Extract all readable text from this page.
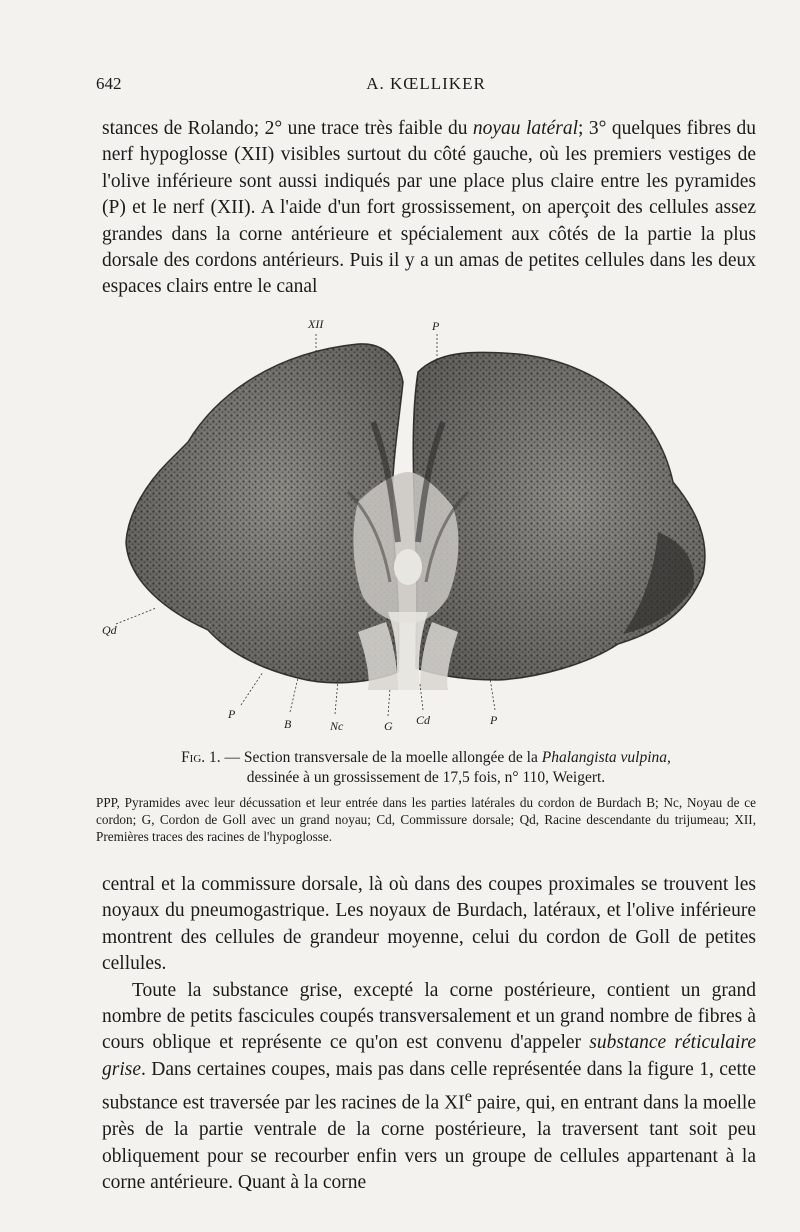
642	A. KŒLLIKER

stances de Rolando; 2° une trace très faible du noyau latéral; 3° quelques fibres du nerf hypoglosse (XII) visibles surtout du côté gauche, où les premiers vestiges de l'olive inférieure sont aussi indiqués par une place plus claire entre les pyramides (P) et le nerf (XII). A l'aide d'un fort grossissement, on aperçoit des cellules assez grandes dans la corne antérieure et spécialement aux côtés de la partie la plus dorsale des cordons antérieurs. Puis il y a un amas de petites cellules dans les deux espaces clairs entre le canal

XII	P
Qd
P
B	Nc	G Cd	P
Fig. 1. — Section transversale de la moelle allongée de la Phalangista vulpina,
dessinée à un grossissement de 17,5 fois, n° 110, Weigert.

PPP, Pyramides avec leur décussation et leur entrée dans les parties latérales du cordon de Burdach B; Nc, Noyau de ce cordon; G, Cordon de Goll avec un grand noyau; Cd, Commissure dorsale; Qd, Racine descendante du trijumeau; XII, Premières traces des racines de l'hypoglosse.

central et la commissure dorsale, là où dans des coupes proximales se trouvent les noyaux du pneumogastrique. Les noyaux de Burdach, latéraux, et l'olive inférieure montrent des cellules de grandeur moyenne, celui du cordon de Goll de petites cellules.

Toute la substance grise, excepté la corne postérieure, contient un grand nombre de petits fascicules coupés transversalement et un grand nombre de fibres à cours oblique et représente ce qu'on est convenu d'appeler substance réticulaire grise. Dans certaines coupes, mais pas dans celle représentée dans la figure 1, cette substance est traversée par les racines de la XIe paire, qui, en entrant dans la moelle près de la partie ventrale de la corne postérieure, la traversent tant soit peu obliquement pour se recourber enfin vers un groupe de cellules appartenant à la corne antérieure. Quant à la corne
